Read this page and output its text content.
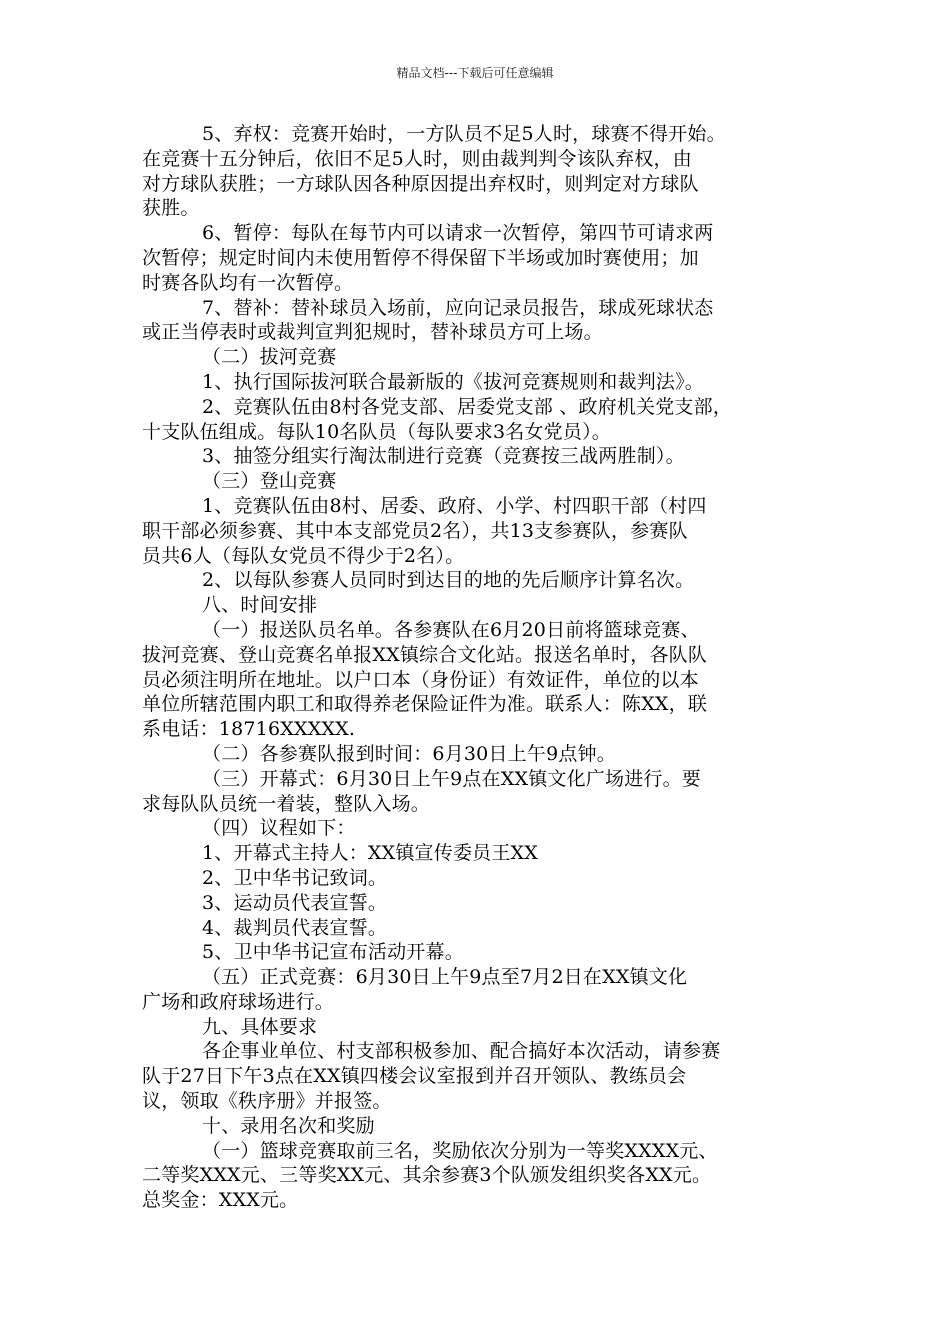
精品文档---下载后可任意编辑

5、弃权：竞赛开始时，一方队员不足5人时，球赛不得开始。
在竞赛十五分钟后，依旧不足5人时，则由裁判判令该队弃权，由
对方球队获胜；一方球队因各种原因提出弃权时，则判定对方球队
获胜。
6、暂停：每队在每节内可以请求一次暂停，第四节可请求两
次暂停；规定时间内未使用暂停不得保留下半场或加时赛使用；加
时赛各队均有一次暂停。
7、替补：替补球员入场前，应向记录员报告，球成死球状态
或正当停表时或裁判宣判犯规时，替补球员方可上场。
（二）拔河竞赛
1、执行国际拔河联合最新版的《拔河竞赛规则和裁判法》。
2、竞赛队伍由8村各党支部、居委党支部 、政府机关党支部，
十支队伍组成。每队10名队员（每队要求3名女党员）。
3、抽签分组实行淘汰制进行竞赛（竞赛按三战两胜制）。
（三）登山竞赛
1、竞赛队伍由8村、居委、政府、小学、村四职干部（村四
职干部必须参赛、其中本支部党员2名），共13支参赛队，参赛队
员共6人（每队女党员不得少于2名）。
2、以每队参赛人员同时到达目的地的先后顺序计算名次。
八、时间安排
（一）报送队员名单。各参赛队在6月20日前将篮球竞赛、
拔河竞赛、登山竞赛名单报XX镇综合文化站。报送名单时，各队队
员必须注明所在地址。以户口本（身份证）有效证件，单位的以本
单位所辖范围内职工和取得养老保险证件为准。联系人：陈XX，联
系电话：18716XXXXX.
（二）各参赛队报到时间：6月30日上午9点钟。
（三）开幕式：6月30日上午9点在XX镇文化广场进行。要
求每队队员统一着装，整队入场。
（四）议程如下：
1、开幕式主持人：XX镇宣传委员王XX
2、卫中华书记致词。
3、运动员代表宣誓。
4、裁判员代表宣誓。
5、卫中华书记宣布活动开幕。
（五）正式竞赛：6月30日上午9点至7月2日在XX镇文化
广场和政府球场进行。
九、具体要求
各企事业单位、村支部积极参加、配合搞好本次活动，请参赛
队于27日下午3点在XX镇四楼会议室报到并召开领队、教练员会
议，领取《秩序册》并报签。
十、录用名次和奖励
（一）篮球竞赛取前三名，奖励依次分别为一等奖XXXX元、
二等奖XXX元、三等奖XX元、其余参赛3个队颁发组织奖各XX元。
总奖金：XXX元。
